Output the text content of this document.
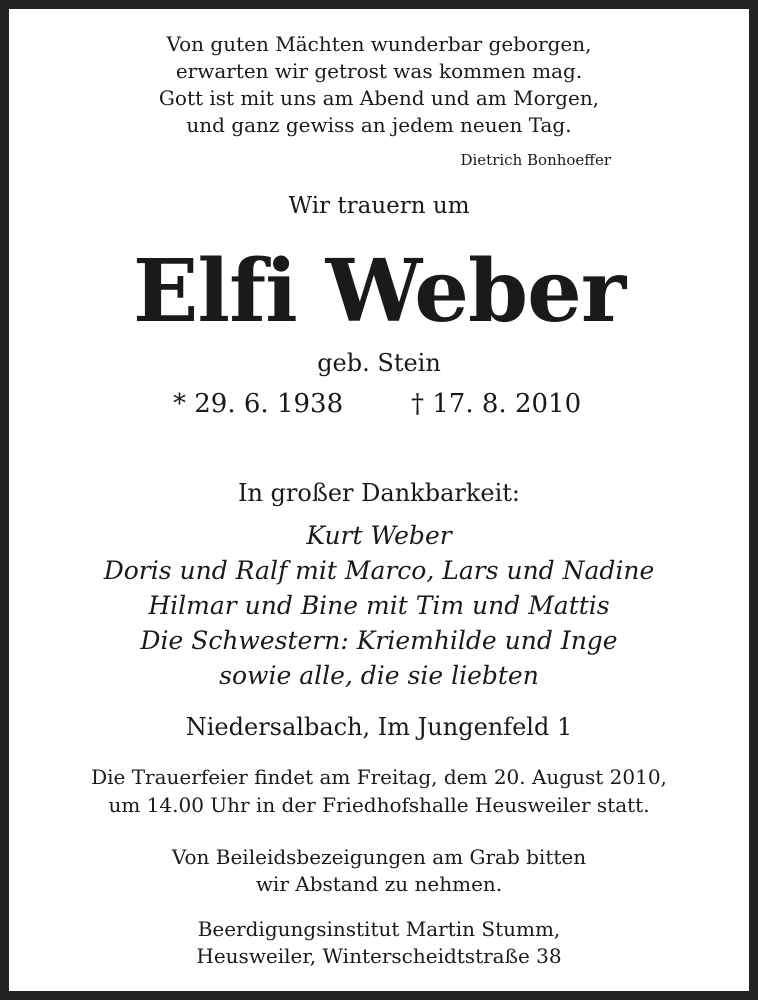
Von guten Mächten wunderbar geborgen,
erwarten wir getrost was kommen mag.
Gott ist mit uns am Abend und am Morgen,
und ganz gewiss an jedem neuen Tag.
Dietrich Bonhoeffer
Wir trauern um
Elfi Weber
geb. Stein
* 29. 6. 1938	† 17. 8. 2010
In großer Dankbarkeit:
Kurt Weber
Doris und Ralf mit Marco, Lars und Nadine
Hilmar und Bine mit Tim und Mattis
Die Schwestern: Kriemhilde und Inge
sowie alle, die sie liebten
Niedersalbach, Im Jungenfeld 1
Die Trauerfeier findet am Freitag, dem 20. August 2010,
um 14.00 Uhr in der Friedhofshalle Heusweiler statt.
Von Beileidsbezeigungen am Grab bitten
wir Abstand zu nehmen.
Beerdigungsinstitut Martin Stumm,
Heusweiler, Winterscheidtstraße 38
